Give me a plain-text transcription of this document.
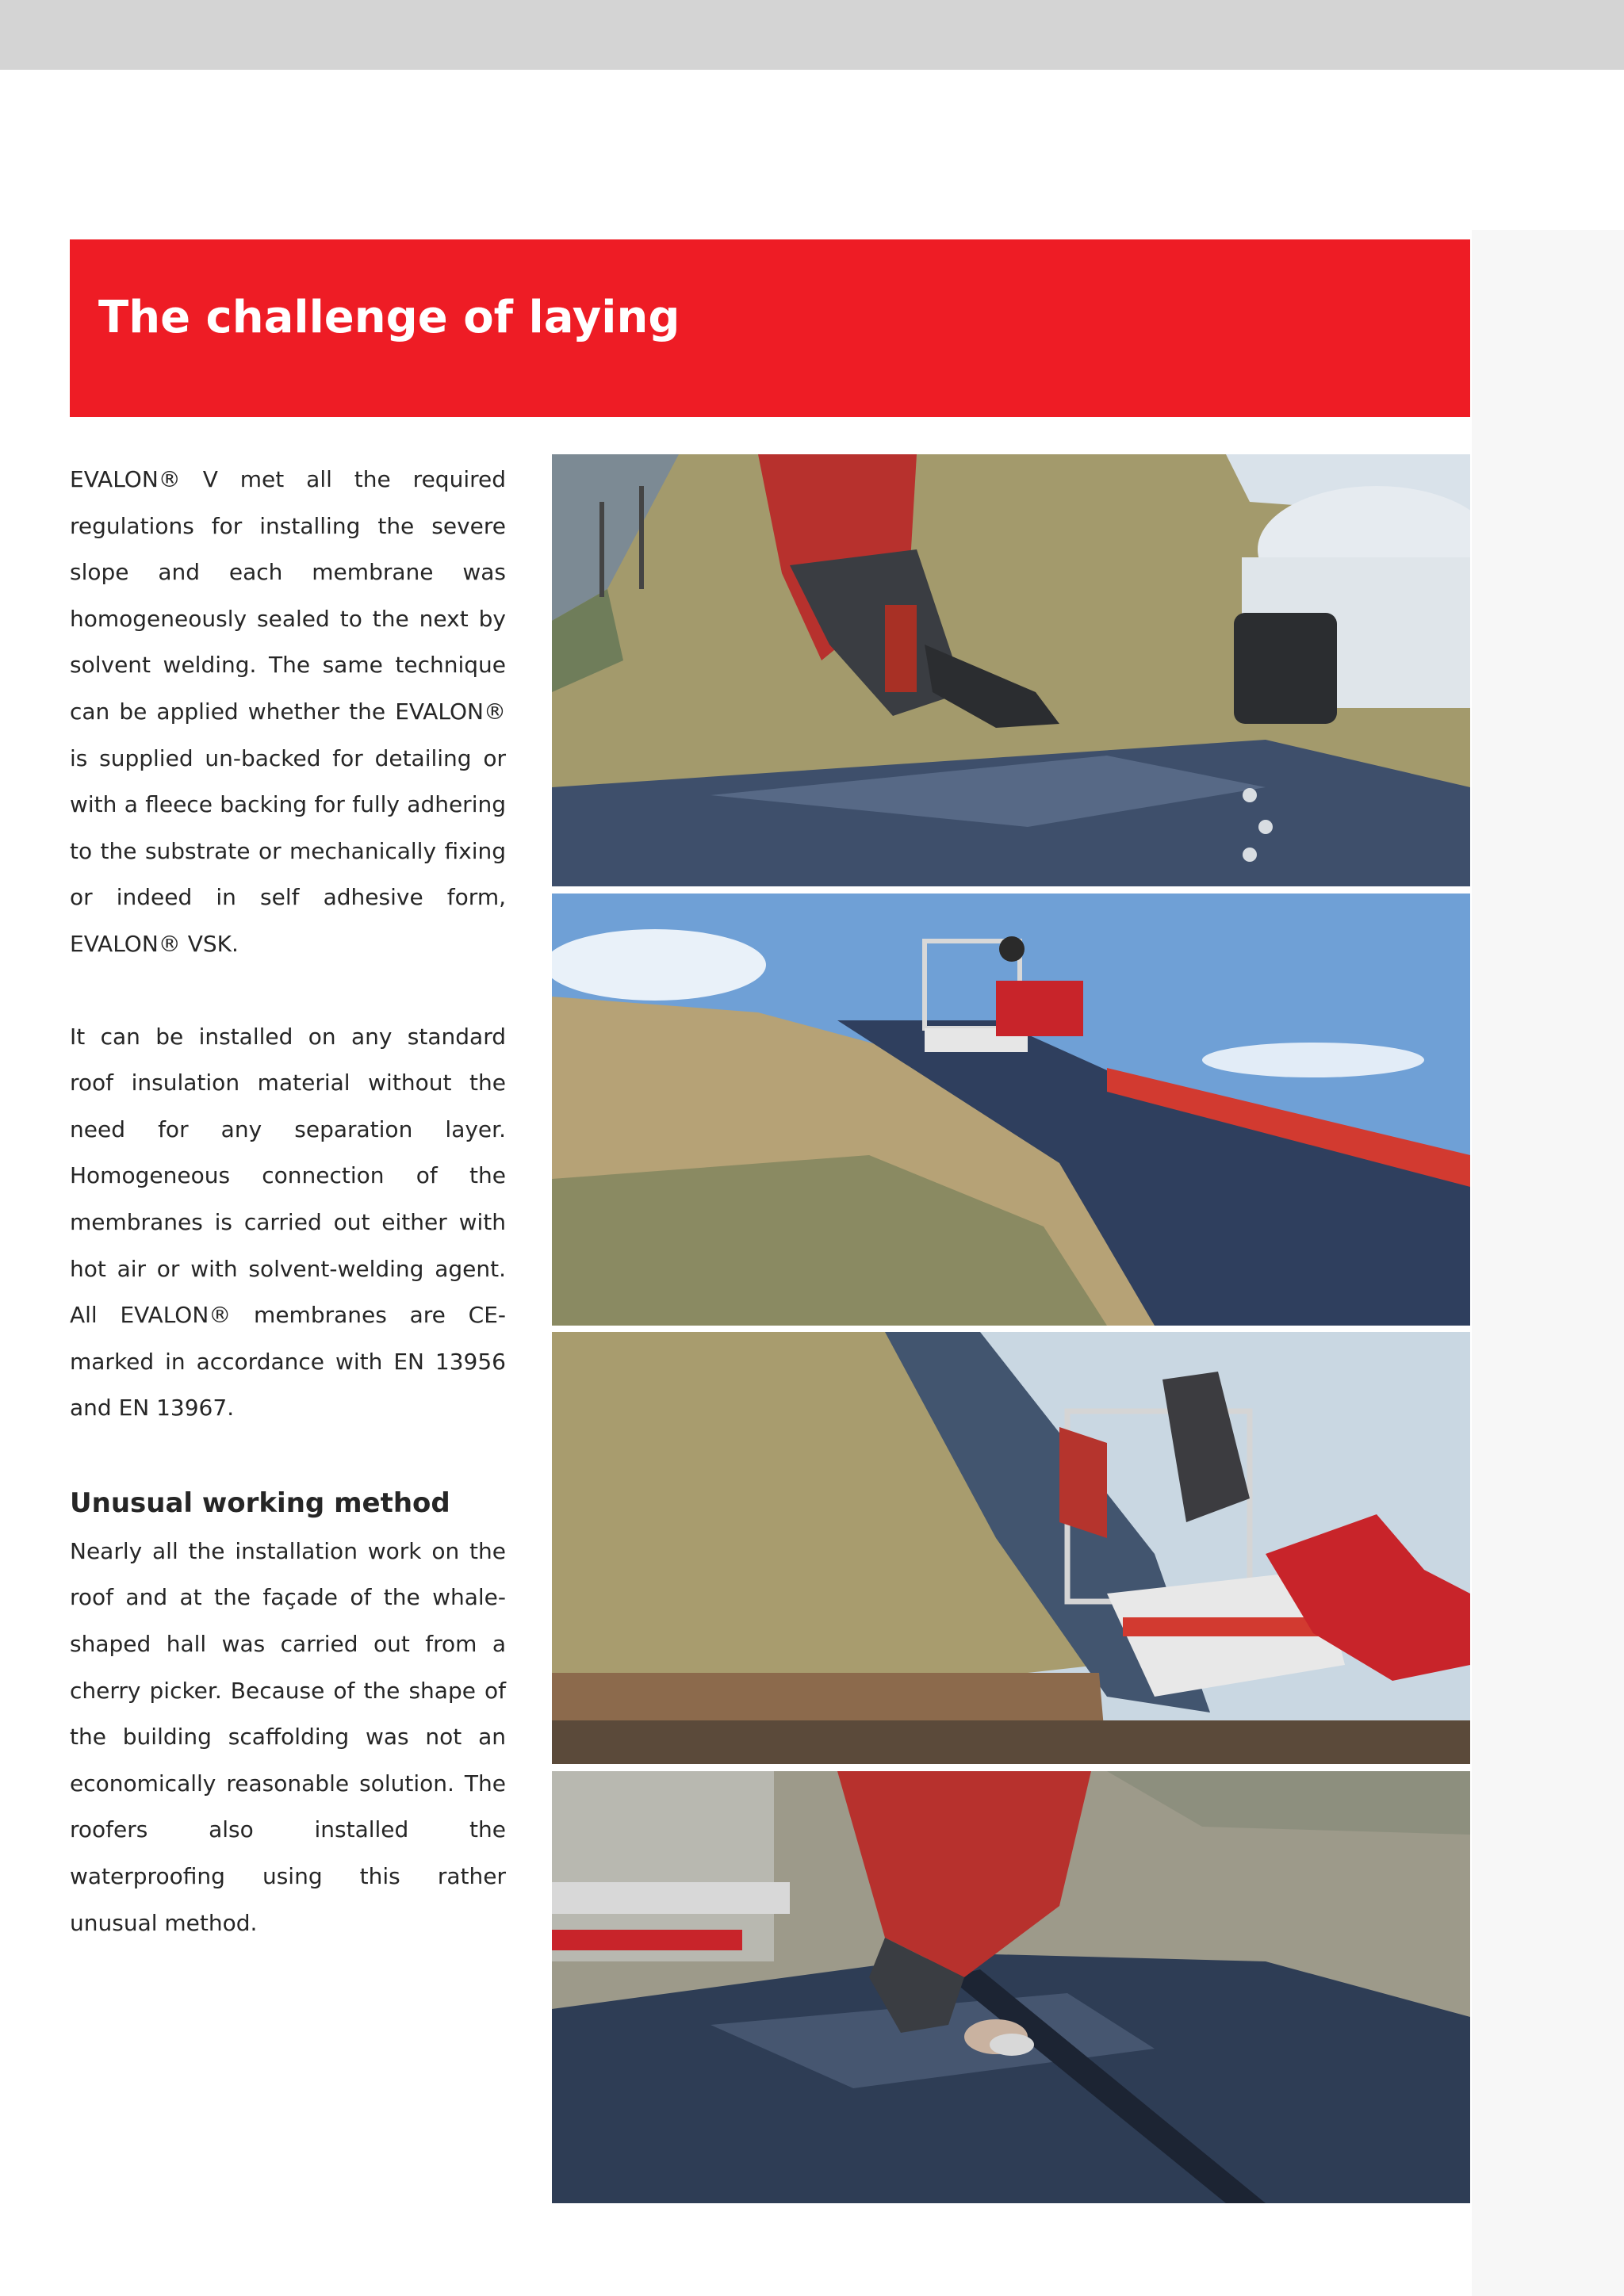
The challenge of laying

EVALON® V met all the required regulations for installing the severe slope and each membrane was homogeneously sealed to the next by solvent welding. The same technique can be applied whether the EVALON® is supplied un-backed for detailing or with a fleece backing for fully adhering to the substrate or mechanically fixing or indeed in self adhesive form, EVALON® VSK.

It can be installed on any standard roof insulation material without the need for any separation layer. Homogeneous connection of the membranes is carried out either with hot air or with solvent-welding agent. All EVALON® membranes are CE-marked in accordance with EN 13956 and EN 13967.

Unusual working method

Nearly all the installation work on the roof and at the façade of the whale-shaped hall was carried out from a cherry picker. Because of the shape of the building scaffolding was not an economically reasonable solution. The roofers also installed the waterproofing using this rather unusual method.
